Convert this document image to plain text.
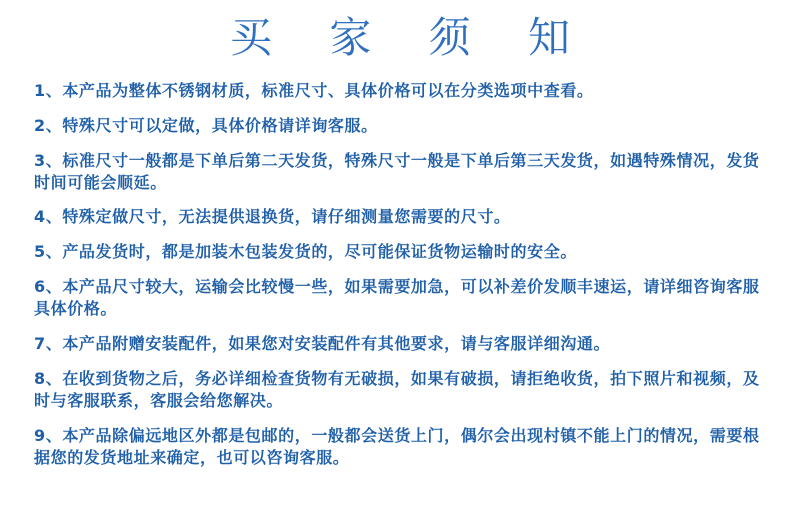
买 家 须 知
1、本产品为整体不锈钢材质，标准尺寸、具体价格可以在分类选项中查看。
2、特殊尺寸可以定做，具体价格请详询客服。
3、标准尺寸一般都是下单后第二天发货，特殊尺寸一般是下单后第三天发货，如遇特殊情况，发货时间可能会顺延。
4、特殊定做尺寸，无法提供退换货，请仔细测量您需要的尺寸。
5、产品发货时，都是加装木包装发货的，尽可能保证货物运输时的安全。
6、本产品尺寸较大，运输会比较慢一些，如果需要加急，可以补差价发顺丰速运，请详细咨询客服具体价格。
7、本产品附赠安装配件，如果您对安装配件有其他要求，请与客服详细沟通。
8、在收到货物之后，务必详细检查货物有无破损，如果有破损，请拒绝收货，拍下照片和视频，及时与客服联系，客服会给您解决。
9、本产品除偏远地区外都是包邮的，一般都会送货上门，偶尔会出现村镇不能上门的情况，需要根据您的发货地址来确定，也可以咨询客服。
